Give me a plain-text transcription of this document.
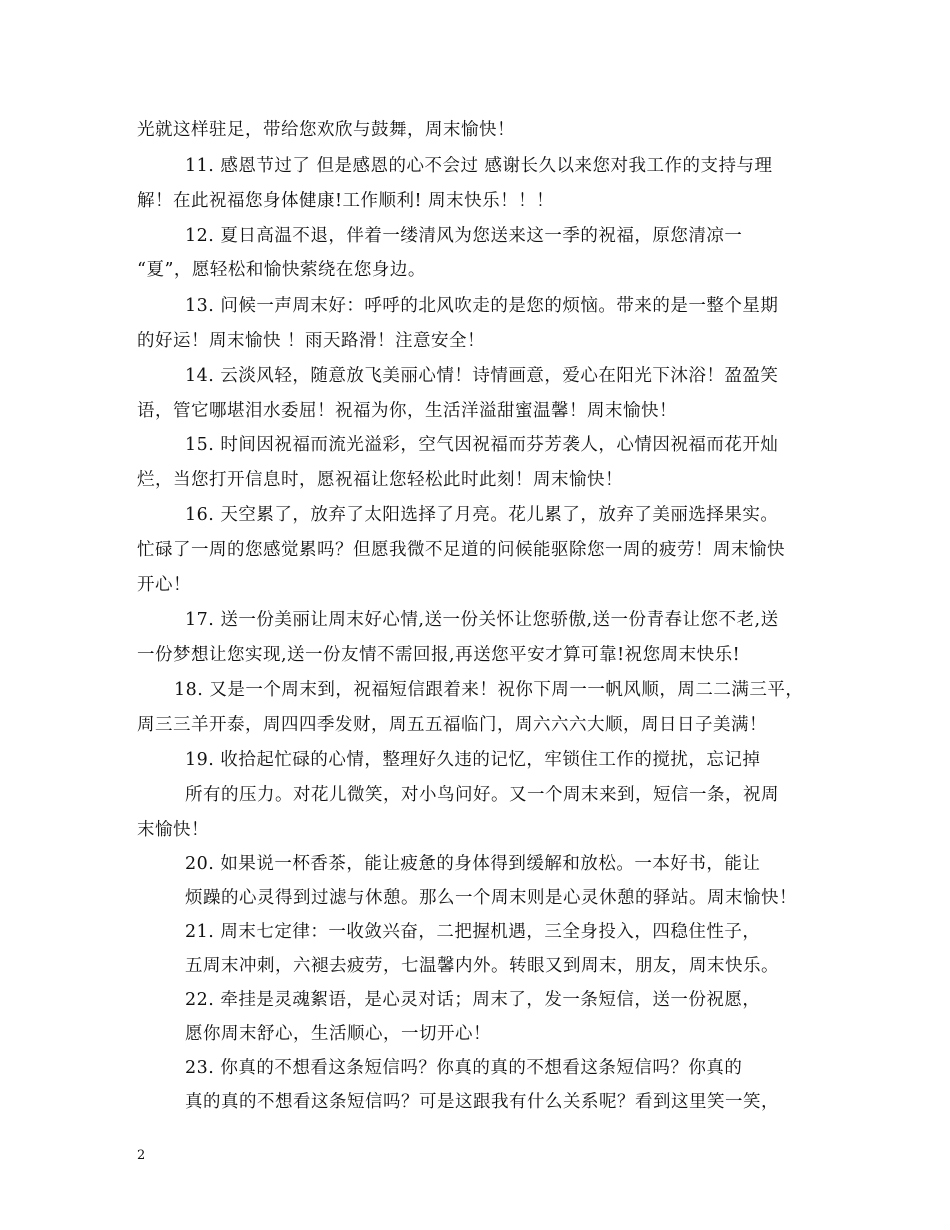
光就这样驻足，带给您欢欣与鼓舞，周末愉快！
11. 感恩节过了 但是感恩的心不会过 感谢长久以来您对我工作的支持与理
解！在此祝福您身体健康!工作顺利! 周末快乐！！！
12. 夏日高温不退，伴着一缕清风为您送来这一季的祝福，原您清凉一
“夏”，愿轻松和愉快萦绕在您身边。
13. 问候一声周末好：呼呼的北风吹走的是您的烦恼。带来的是一整个星期
的好运！周末愉快 ！雨天路滑！注意安全！
14. 云淡风轻，随意放飞美丽心情！诗情画意，爱心在阳光下沐浴！盈盈笑
语，管它哪堪泪水委屈！祝福为你，生活洋溢甜蜜温馨！周末愉快！
15. 时间因祝福而流光溢彩，空气因祝福而芬芳袭人，心情因祝福而花开灿
烂，当您打开信息时，愿祝福让您轻松此时此刻！周末愉快！
16. 天空累了，放弃了太阳选择了月亮。花儿累了，放弃了美丽选择果实。
忙碌了一周的您感觉累吗？但愿我微不足道的问候能驱除您一周的疲劳！周末愉快
开心！
17. 送一份美丽让周末好心情,送一份关怀让您骄傲,送一份青春让您不老,送
一份梦想让您实现,送一份友情不需回报,再送您平安才算可靠!祝您周末快乐!
18. 又是一个周末到，祝福短信跟着来！祝你下周一一帆风顺，周二二满三平，
周三三羊开泰，周四四季发财，周五五福临门，周六六六大顺，周日日子美满！
19. 收拾起忙碌的心情，整理好久违的记忆，牢锁住工作的搅扰，忘记掉
所有的压力。对花儿微笑，对小鸟问好。又一个周末来到，短信一条，祝周
末愉快！
20. 如果说一杯香茶，能让疲惫的身体得到缓解和放松。一本好书，能让
烦躁的心灵得到过滤与休憩。那么一个周末则是心灵休憩的驿站。周末愉快！
21. 周末七定律：一收敛兴奋，二把握机遇，三全身投入，四稳住性子，
五周末冲刺，六褪去疲劳，七温馨内外。转眼又到周末，朋友，周末快乐。
22. 牵挂是灵魂絮语，是心灵对话；周末了，发一条短信，送一份祝愿，
愿你周末舒心，生活顺心，一切开心！
23. 你真的不想看这条短信吗？你真的真的不想看这条短信吗？你真的
真的真的不想看这条短信吗？可是这跟我有什么关系呢？看到这里笑一笑，
2
